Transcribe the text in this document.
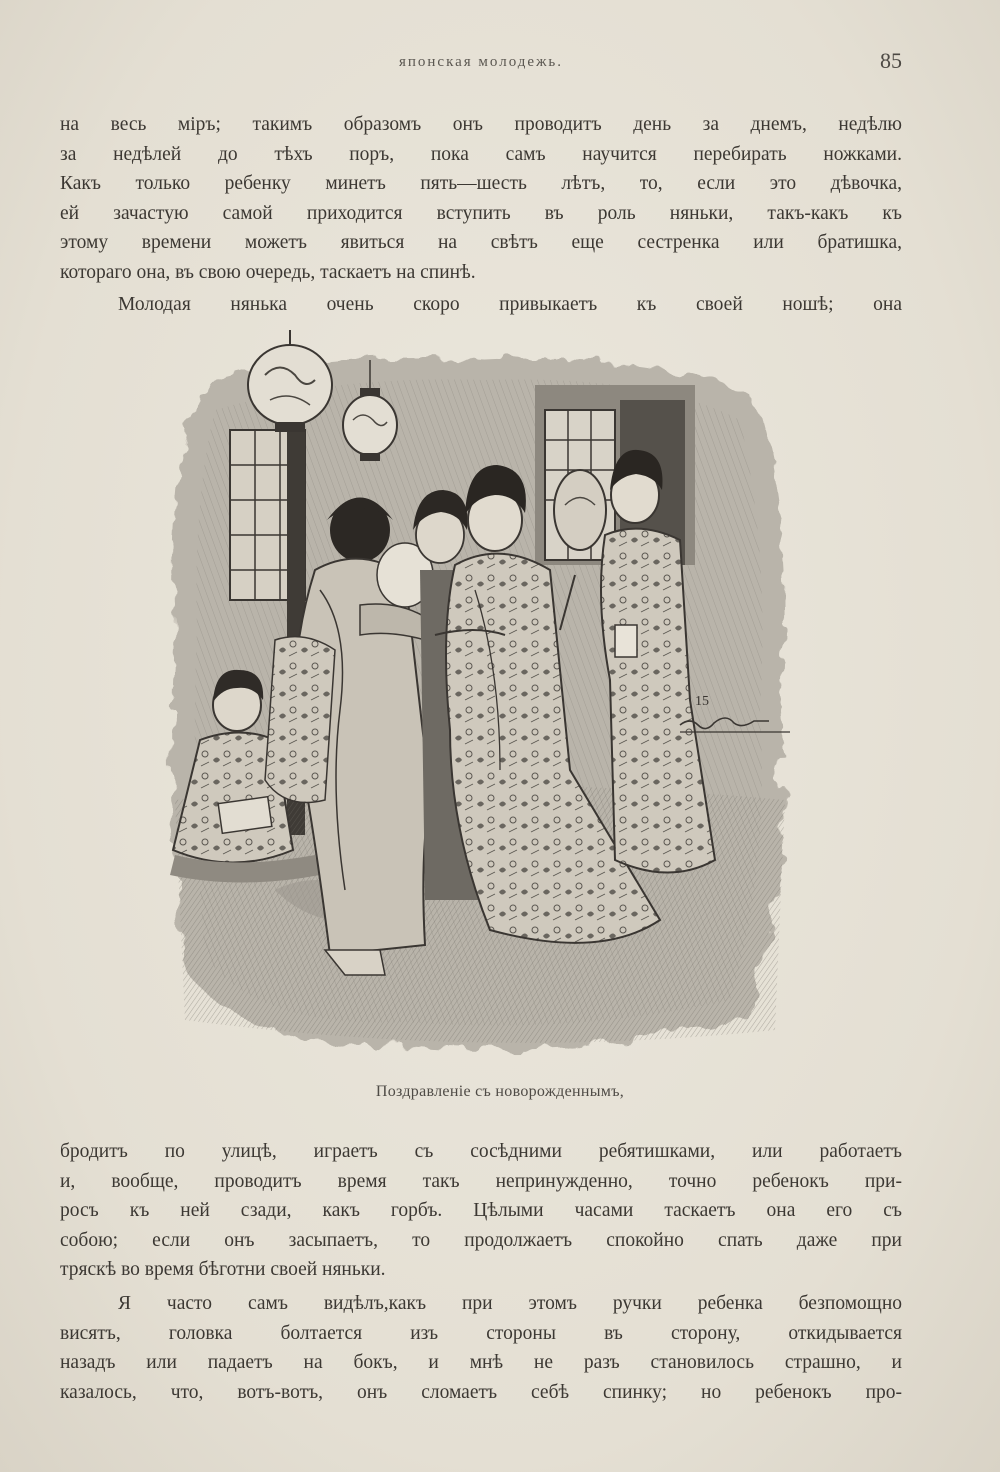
японская молодежь.	85
на весь міръ; такимъ образомъ онъ проводитъ день за днемъ, недѣлю
за недѣлей до тѣхъ поръ, пока самъ научится перебирать ножками.
Какъ только ребенку минетъ пять—шесть лѣтъ, то, если это дѣвочка,
ей зачастую самой приходится вступить въ роль няньки, такъ-какъ къ
этому времени можетъ явиться на свѣтъ еще сестренка или братишка,
котораго она, въ свою очередь, таскаетъ на спинѣ.
Молодая нянька очень скоро привыкаетъ къ своей ношѣ; она
15
Поздравленіе съ новорожденнымъ,
бродитъ по улицѣ, играетъ съ сосѣдними ребятишками, или работаетъ
и, вообще, проводитъ время такъ непринужденно, точно ребенокъ при-
росъ къ ней сзади, какъ горбъ. Цѣлыми часами таскаетъ она его съ
собою; если онъ засыпаетъ, то продолжаетъ спокойно спать даже при
тряскѣ во время бѣготни своей няньки.
Я часто самъ видѣлъ,какъ при этомъ ручки ребенка безпомощно
висятъ, головка болтается изъ стороны въ сторону, откидывается
назадъ или падаетъ на бокъ, и мнѣ не разъ становилось страшно, и
казалось, что, вотъ-вотъ, онъ сломаетъ себѣ спинку; но ребенокъ про-
